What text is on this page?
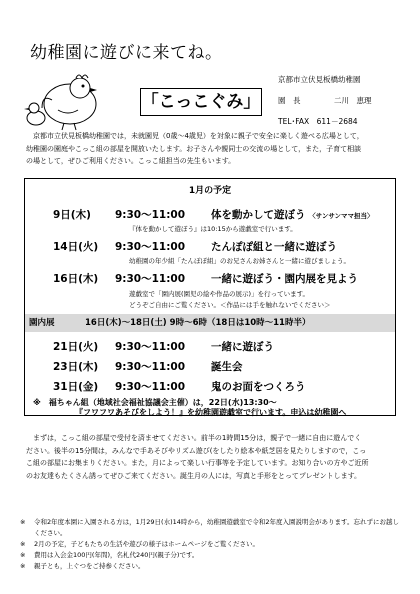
幼稚園に遊びに来てね。
「こっこぐみ」
京都市立伏見板橋幼稚園
園　長	二川　恵理
TEL･FAX　611－2684

京都市立伏見板橋幼稚園では，未就園児（0歳～4歳児）を対象に親子で安全に楽しく遊べる広場として，

幼稚園の園庭やこっこ組の部屋を開放いたします。お子さんや親同士の交流の場として，また，子育て相談

の場として，ぜひご利用ください。こっこ組担当の先生もいます。

1月の予定
9日(木) 9:30～11:00 体を動かして遊ぼう 〈サンサンママ担当〉
『体を動かして遊ぼう』は10:15から遊戯室で行います。
14日(火) 9:30～11:00 たんぽぽ組と一緒に遊ぼう
幼稚園の年少組「たんぽぽ組」のお兄さんお姉さんと一緒に遊びましょう。
16日(木) 9:30～11:00 一緒に遊ぼう・園内展を見よう
遊戯室で「園内展(園児の絵や作品の展示)」を行っています。
どうぞご自由にご覧ください。＜作品には手を触れないでください＞
園内展	16日(木)～18日(土) 9時～6時（18日は10時～11時半）
21日(火) 9:30～11:00 一緒に遊ぼう
23日(木) 9:30～11:00 誕生会
31日(金) 9:30～11:00 鬼のお面をつくろう
※　福ちゃん組（地域社会福祉協議会主催）は，22日(水)13:30～
『フワフワあそびをしよう！』を幼稚園遊戯室で行います。申込は幼稚園へ

まずは，こっこ組の部屋で受付を済ませてください。前半の1時間15分は，親子で一緒に自由に遊んでく

ださい。後半の15分間は，みんなで手あそびやリズム遊び(をしたり絵本や紙芝居を見たりしますので，こっ

こ組の部屋にお集まりください。また，月によって楽しい行事等を予定しています。お知り合いの方やご近所

のお友達もたくさん誘ってぜひご来てください。誕生月の人には，写真と手形をとってプレゼントします。

※	令和2年度本園に入園される方は，1月29日(水)14時から，幼稚園遊戯室で令和2年度入園説明会があります。忘れずにお越しください。
※	2月の予定，子どもたちの生活や遊びの様子はホームページをご覧ください。
※	費用は入会金100円(年間)，名札代240円(親子分)です。
※	親子とも，上ぐつをご持参ください。
